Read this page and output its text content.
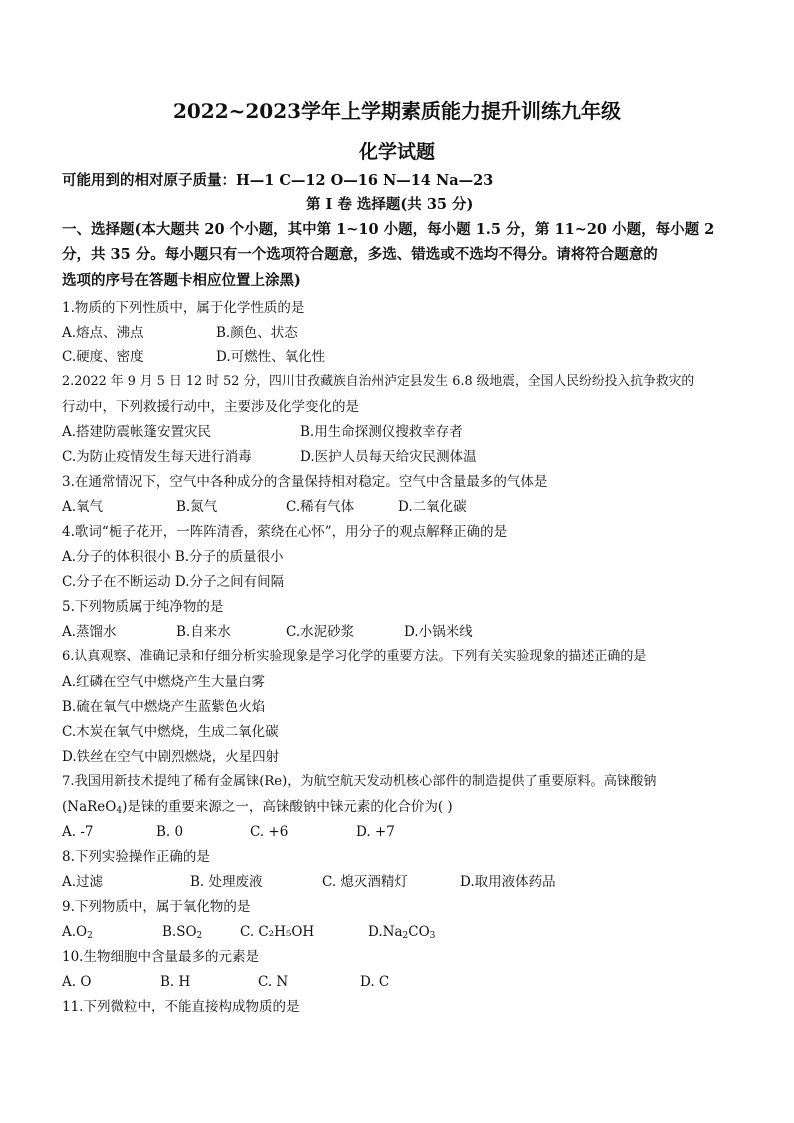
2022~2023学年上学期素质能力提升训练九年级
化学试题
可能用到的相对原子质量：H—1 C—12 O—16 N—14 Na—23
第 I 卷 选择题(共 35 分)
一、选择题(本大题共 20 个小题，其中第 1~10 小题，每小题 1.5 分，第 11~20 小题，每小题 2
分，共 35 分。每小题只有一个选项符合题意，多选、错选或不选均不得分。请将符合题意的
选项的序号在答题卡相应位置上涂黑)
1.物质的下列性质中，属于化学性质的是
A.熔点、沸点	B.颜色、状态
C.硬度、密度	D.可燃性、氧化性
2.2022 年 9 月 5 日 12 时 52 分，四川甘孜藏族自治州泸定县发生 6.8 级地震，全国人民纷纷投入抗争救灾的
行动中，下列救援行动中，主要涉及化学变化的是
A.搭建防震帐篷安置灾民	B.用生命探测仪搜救幸存者
C.为防止疫情发生每天进行消毒	D.医护人员每天给灾民测体温
3.在通常情况下，空气中各种成分的含量保持相对稳定。空气中含量最多的气体是
A.氧气	B.氮气	C.稀有气体	D.二氧化碳
4.歌词“栀子花开，一阵阵清香，萦绕在心怀”，用分子的观点解释正确的是
A.分子的体积很小 B.分子的质量很小
C.分子在不断运动 D.分子之间有间隔
5.下列物质属于纯净物的是
A.蒸馏水	B.自来水	C.水泥砂浆	D.小锅米线
6.认真观察、准确记录和仔细分析实验现象是学习化学的重要方法。下列有关实验现象的描述正确的是
A.红磷在空气中燃烧产生大量白雾
B.硫在氧气中燃烧产生蓝紫色火焰
C.木炭在氧气中燃烧，生成二氧化碳
D.铁丝在空气中剧烈燃烧，火星四射
7.我国用新技术提纯了稀有金属铼(Re)，为航空航天发动机核心部件的制造提供了重要原料。高铼酸钠
(NaReO$_4$)是铼的重要来源之一，高铼酸钠中铼元素的化合价为( )
A. -7	B. 0	C. +6	D. +7
8.下列实验操作正确的是
A.过滤	B. 处理废液	C. 熄灭酒精灯	D.取用液体药品
9.下列物质中，属于氧化物的是
$A.O_2$	$B.SO_2$	C. C₂H₅OH	$D.Na_2CO_3$
10.生物细胞中含量最多的元素是
A. O	B. H	C. N	D. C
11.下列微粒中，不能直接构成物质的是
